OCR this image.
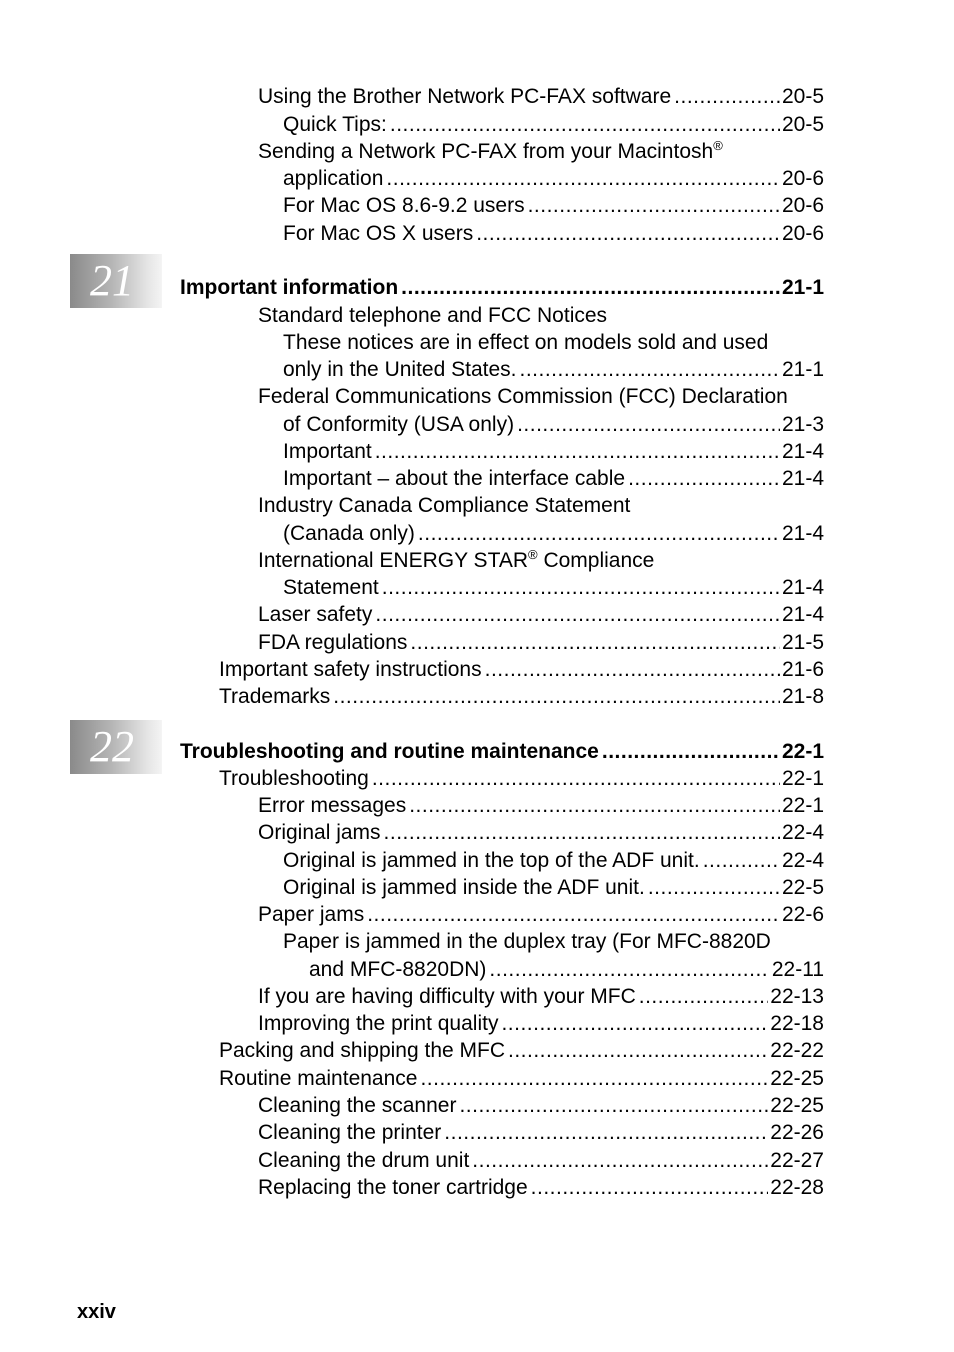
21
22
Using the Brother Network PC-FAX software .....	20-5
Quick Tips: .....	20-5
Sending a Network PC-FAX from your Macintosh®
application .....	20-6
For Mac OS 8.6-9.2 users .....	20-6
For Mac OS X users .....	20-6
Important information .....	21-1
Standard telephone and FCC Notices
These notices are in effect on models sold and used
only in the United States. .....	21-1
Federal Communications Commission (FCC) Declaration
of Conformity (USA only) .....	21-3
Important .....	21-4
Important – about the interface cable .....	21-4
Industry Canada Compliance Statement
(Canada only) .....	21-4
International ENERGY STAR® Compliance
Statement .....	21-4
Laser safety .....	21-4
FDA regulations .....	21-5
Important safety instructions .....	21-6
Trademarks .....	21-8
Troubleshooting and routine maintenance .....	22-1
Troubleshooting .....	22-1
Error messages .....	22-1
Original jams .....	22-4
Original is jammed in the top of the ADF unit. .....	22-4
Original is jammed inside the ADF unit. .....	22-5
Paper jams .....	22-6
Paper is jammed in the duplex tray (For MFC-8820D
and MFC-8820DN) .....	22-11
If you are having difficulty with your MFC .....	22-13
Improving the print quality .....	22-18
Packing and shipping the MFC .....	22-22
Routine maintenance .....	22-25
Cleaning the scanner .....	22-25
Cleaning the printer .....	22-26
Cleaning the drum unit .....	22-27
Replacing the toner cartridge .....	22-28
xxiv
